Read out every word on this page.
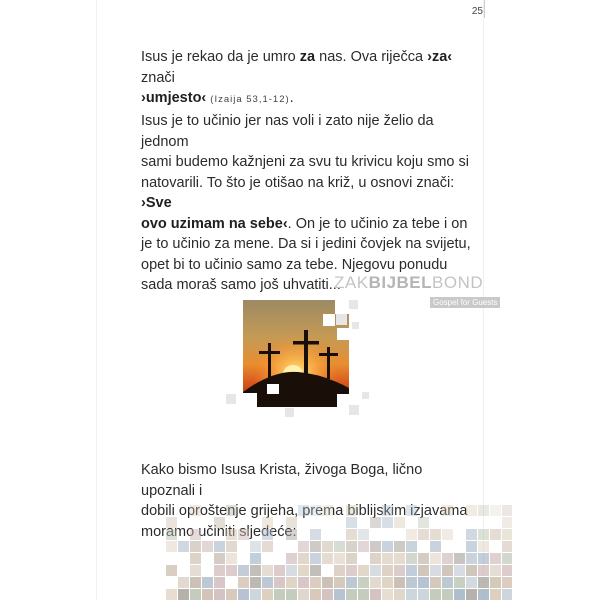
25
Isus je rekao da je umro za nas. Ova riječca ›za‹ znači
›umjesto‹ (Izaija 53,1-12).
Isus je to učinio jer nas voli i zato nije želio da jednom
sami budemo kažnjeni za svu tu krivicu koju smo si
natovarili. To što je otišao na križ, u osnovi znači: ›Sve
ovo uzimam na sebe‹. On je to učinio za tebe i on
je to učinio za mene. Da si i jedini čovjek na svijetu,
opet bi to učinio samo za tebe. Njegovu ponudu
sada moraš samo još uhvatiti...
ZAKBIJBELBOND
Gospel for Guests
Kako bismo Isusa Krista, živoga Boga, lično upoznali i
dobili oproštenje grijeha, prema biblijskim izjavama
moramo učiniti sljedeće:
